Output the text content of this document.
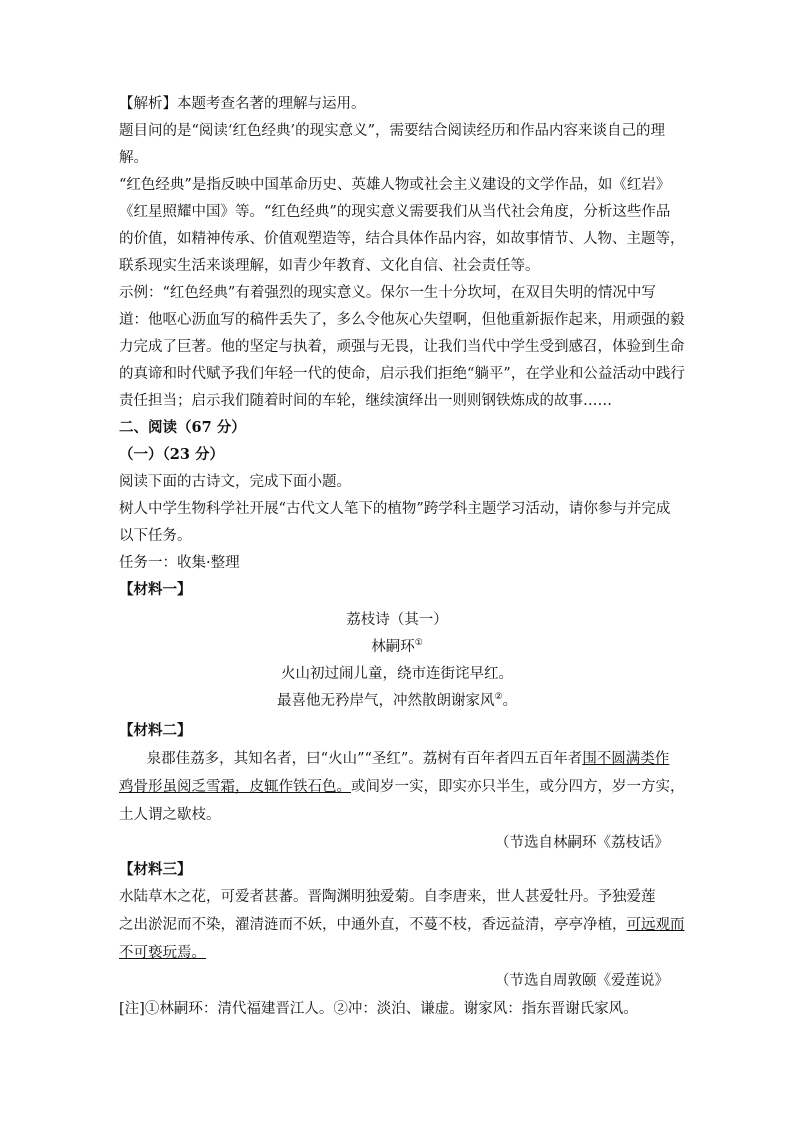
【解析】本题考查名著的理解与运用。
题目问的是“阅读‘红色经典’的现实意义”，需要结合阅读经历和作品内容来谈自己的理
解。
“红色经典”是指反映中国革命历史、英雄人物或社会主义建设的文学作品，如《红岩》
《红星照耀中国》等。“红色经典”的现实意义需要我们从当代社会角度，分析这些作品
的价值，如精神传承、价值观塑造等，结合具体作品内容，如故事情节、人物、主题等，
联系现实生活来谈理解，如青少年教育、文化自信、社会责任等。
示例：“红色经典”有着强烈的现实意义。保尔一生十分坎坷，在双目失明的情况中写
道：他呕心沥血写的稿件丢失了，多么令他灰心失望啊，但他重新振作起来，用顽强的毅
力完成了巨著。他的坚定与执着，顽强与无畏，让我们当代中学生受到感召，体验到生命
的真谛和时代赋予我们年轻一代的使命，启示我们拒绝“躺平”，在学业和公益活动中践行
责任担当；启示我们随着时间的车轮，继续演绎出一则则钢铁炼成的故事……
二、阅读（67 分）
（一）（23 分）
阅读下面的古诗文，完成下面小题。
树人中学生物科学社开展“古代文人笔下的植物”跨学科主题学习活动，请你参与并完成
以下任务。
任务一：收集·整理
【材料一】
荔枝诗（其一）
林嗣环①
火山初过闹儿童，绕市连街诧早红。
最喜他无矜岸气，冲然散朗谢家风②。
【材料二】
泉郡佳荔多，其知名者，曰“火山”“圣红”。荔树有百年者四五百年者围不圆满类作
鸡骨形虽阅乏雪霜，皮辄作铁石色。或间岁一实，即实亦只半生，或分四方，岁一方实，
土人谓之歇枝。
（节选自林嗣环《荔枝话》
【材料三】
水陆草木之花，可爱者甚蕃。晋陶渊明独爱菊。自李唐来，世人甚爱牡丹。予独爱莲
之出淤泥而不染，濯清涟而不妖，中通外直，不蔓不枝，香远益清，亭亭净植，可远观而
不可亵玩焉。
（节选自周敦颐《爱莲说》
[注]①林嗣环：清代福建晋江人。②冲：淡泊、谦虚。谢家风：指东晋谢氏家风。
